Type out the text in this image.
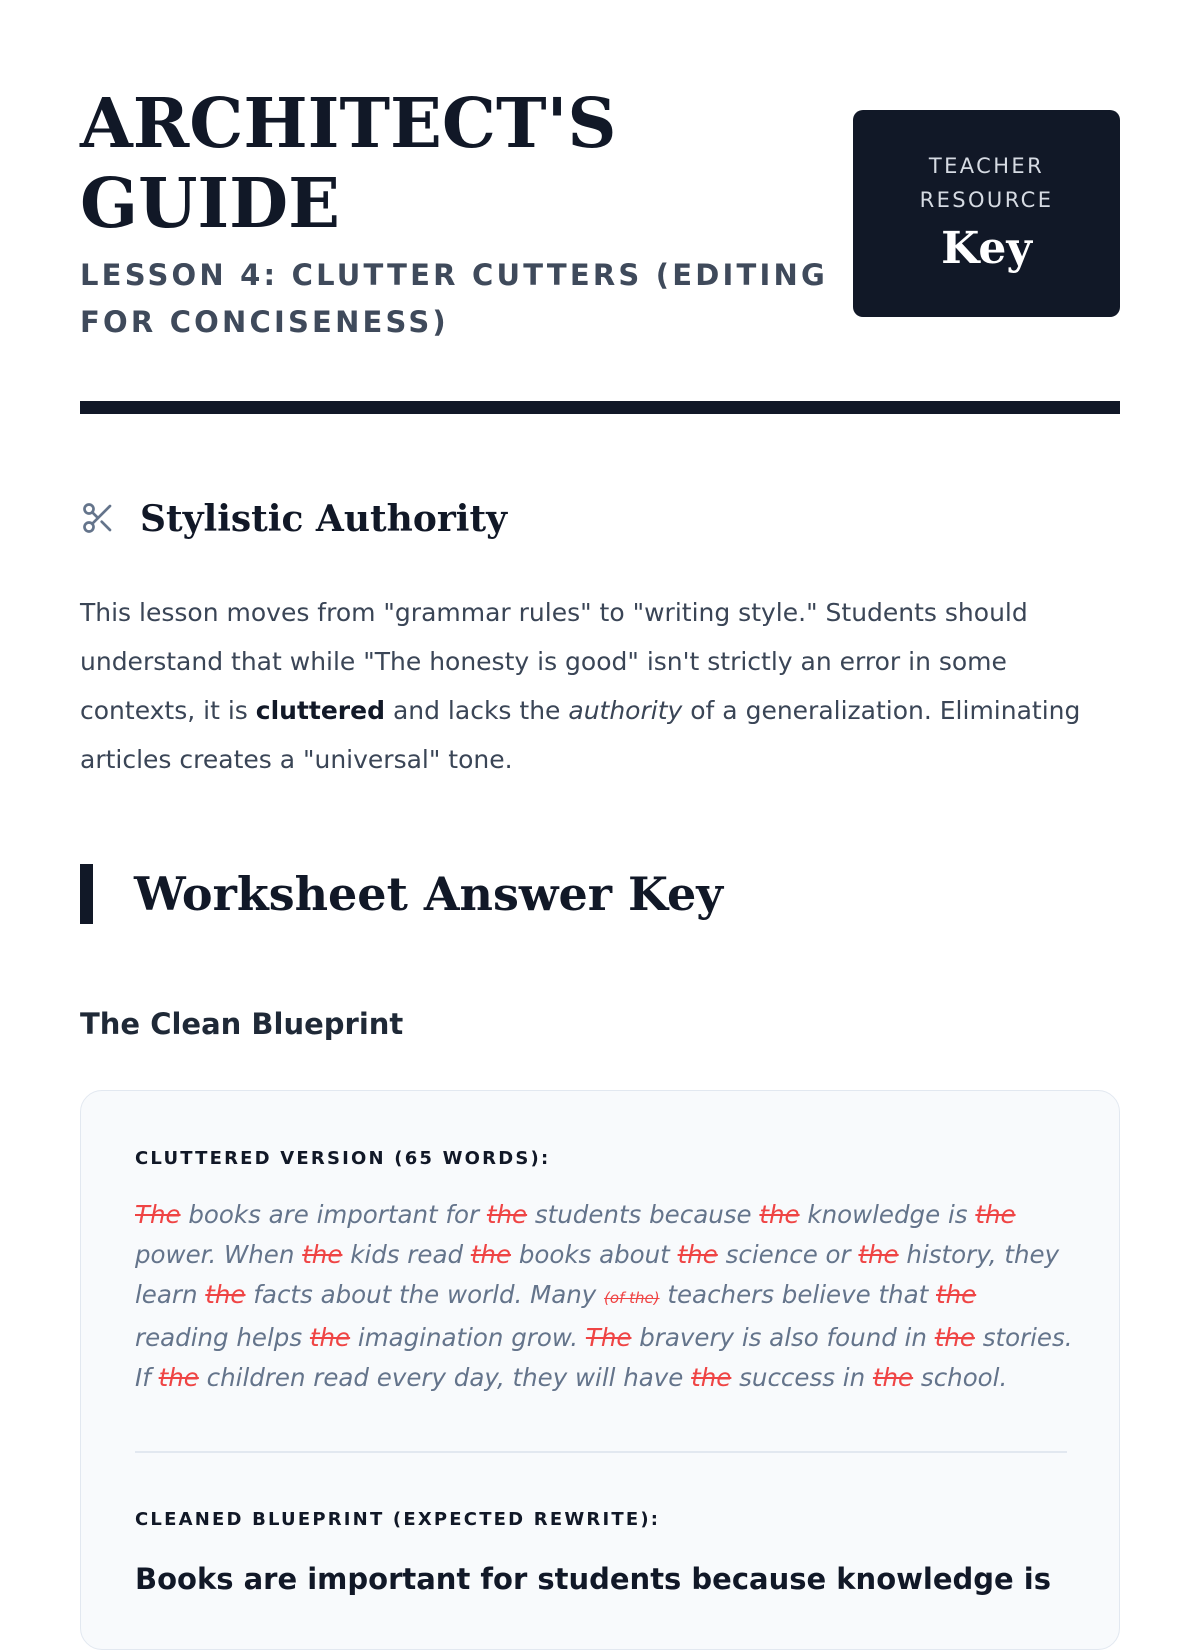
ARCHITECT'S
GUIDE

LESSON 4: CLUTTER CUTTERS (EDITING
FOR CONCISENESS)

TEACHER
RESOURCE
Key
Stylistic Authority

This lesson moves from "grammar rules" to "writing style." Students should understand that while "The honesty is good" isn't strictly an error in some contexts, it is cluttered and lacks the authority of a generalization. Eliminating articles creates a "universal" tone.

Worksheet Answer Key
The Clean Blueprint

CLUTTERED VERSION (65 WORDS):

The books are important for the students because the knowledge is the power. When the kids read the books about the science or the history, they learn the facts about the world. Many (of the) teachers believe that the reading helps the imagination grow. The bravery is also found in the stories. If the children read every day, they will have the success in the school.

CLEANED BLUEPRINT (EXPECTED REWRITE):

Books are important for students because knowledge is
